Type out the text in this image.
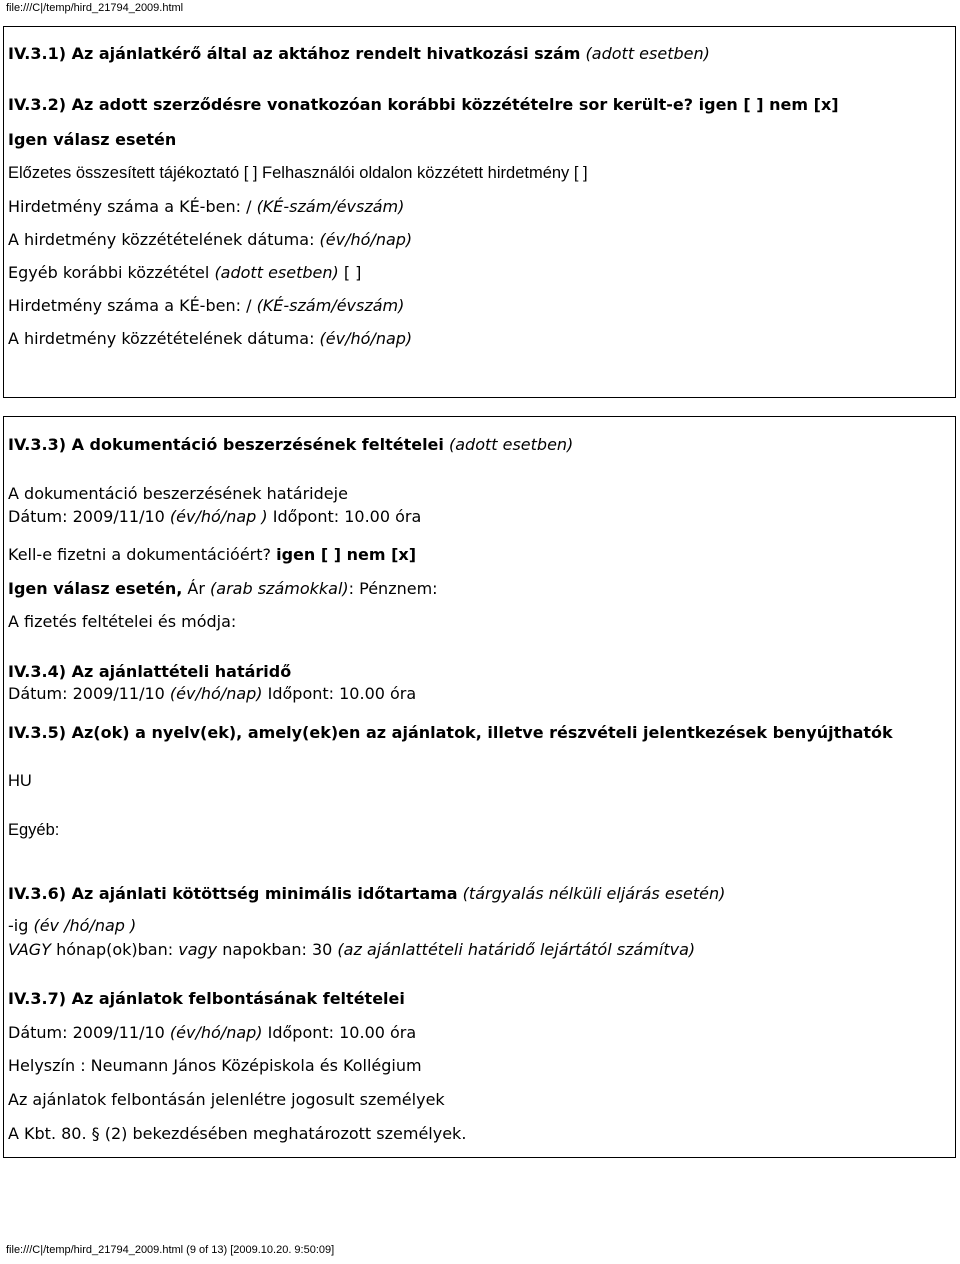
file:///C|/temp/hird_21794_2009.html
IV.3.1) Az ajánlatkérő által az aktához rendelt hivatkozási szám (adott esetben)
IV.3.2) Az adott szerződésre vonatkozóan korábbi közzétételre sor került-e? igen [ ] nem [x]
Igen válasz esetén
Előzetes összesített tájékoztató [ ] Felhasználói oldalon közzétett hirdetmény [ ]
Hirdetmény száma a KÉ-ben: / (KÉ-szám/évszám)
A hirdetmény közzétételének dátuma: (év/hó/nap)
Egyéb korábbi közzététel (adott esetben) [ ]
Hirdetmény száma a KÉ-ben: / (KÉ-szám/évszám)
A hirdetmény közzétételének dátuma: (év/hó/nap)
IV.3.3) A dokumentáció beszerzésének feltételei (adott esetben)
A dokumentáció beszerzésének határideje
Dátum: 2009/11/10 (év/hó/nap ) Időpont: 10.00 óra
Kell-e fizetni a dokumentációért? igen [ ] nem [x]
Igen válasz esetén, Ár (arab számokkal): Pénznem:
A fizetés feltételei és módja:
IV.3.4) Az ajánlattételi határidő
Dátum: 2009/11/10 (év/hó/nap) Időpont: 10.00 óra
IV.3.5) Az(ok) a nyelv(ek), amely(ek)en az ajánlatok, illetve részvételi jelentkezések benyújthatók
HU
Egyéb:
IV.3.6) Az ajánlati kötöttség minimális időtartama (tárgyalás nélküli eljárás esetén)
-ig (év /hó/nap )
VAGY hónap(ok)ban: vagy napokban: 30 (az ajánlattételi határidő lejártától számítva)
IV.3.7) Az ajánlatok felbontásának feltételei
Dátum: 2009/11/10 (év/hó/nap) Időpont: 10.00 óra
Helyszín : Neumann János Középiskola és Kollégium
Az ajánlatok felbontásán jelenlétre jogosult személyek
A Kbt. 80. § (2) bekezdésében meghatározott személyek.
file:///C|/temp/hird_21794_2009.html (9 of 13) [2009.10.20. 9:50:09]
